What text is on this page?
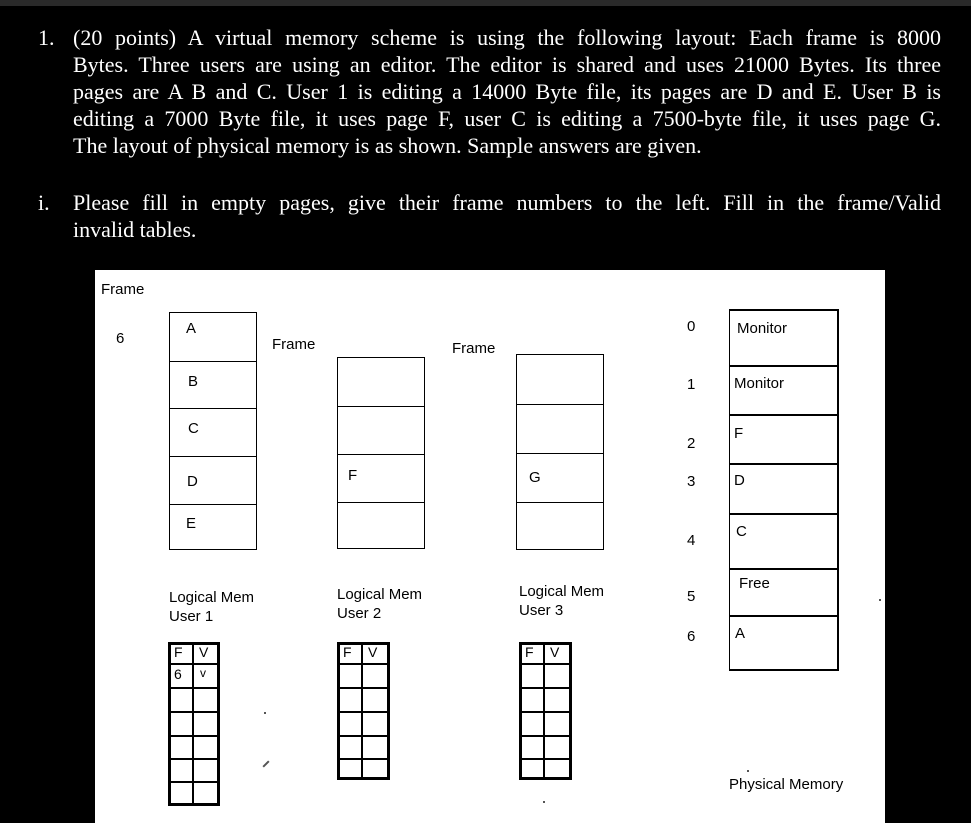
1. (20 points) A virtual memory scheme is using the following layout: Each frame is 8000
Bytes. Three users are using an editor. The editor is shared and uses 21000 Bytes. Its three
pages are A B and C. User 1 is editing a 14000 Byte file, its pages are D and E. User B is
editing a 7000 Byte file, it uses page F, user C is editing a 7500-byte file, it uses page G.
The layout of physical memory is as shown. Sample answers are given.
i. Please fill in empty pages, give their frame numbers to the left. Fill in the frame/Valid
invalid tables.
Frame
6
A
B
C
D
E
Logical Mem
User 1
F V
6 v
Frame
F
Logical Mem
User 2
F V
Frame
G
Logical Mem
User 3
F V
0
1
2
3
4
5
6
Monitor
Monitor
F
D
C
Free
A
Physical Memory
